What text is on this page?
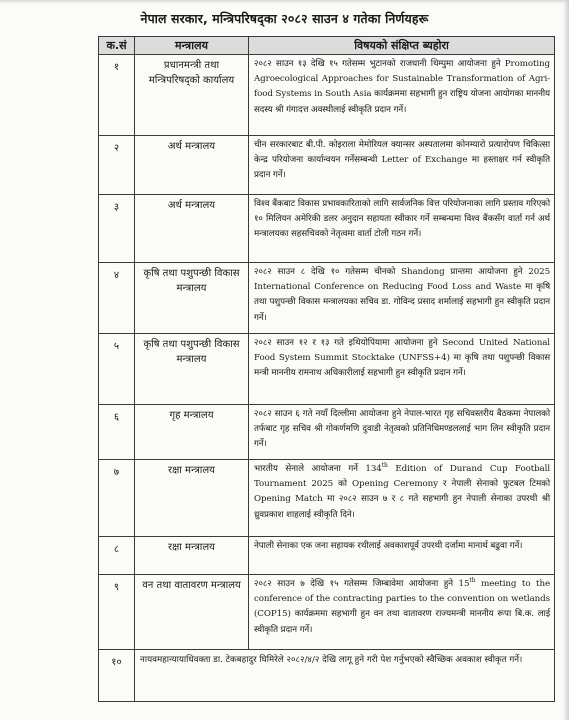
नेपाल सरकार, मन्त्रिपरिषद्का २०८२ साउन ४ गतेका निर्णयहरू
क.सं	मन्त्रालय	विषयको संक्षिप्त ब्यहोरा
१	प्रधानमन्त्री तथा मन्त्रिपरिषद्‌को कार्यालय	२०८२ साउन १३ देखि १५ गतेसम्म भुटानको राजधानी थिम्पुमा आयोजना हुने Promoting Agroecological Approaches for Sustainable Transformation of Agri-food Systems in South Asia कार्यक्रममा सहभागी हुन राष्ट्रिय योजना आयोगका माननीय सदस्य श्री गंगादत्त अवस्थीलाई स्वीकृति प्रदान गर्ने।
२	अर्थ मन्त्रालय	चीन सरकारबाट बी.पी. कोइराला मेमोरियल क्यान्सर अस्पतालमा कोनम्यारो प्रत्यारोपण चिकित्सा केन्द्र परियोजना कार्यान्वयन गर्नेसम्बन्धी Letter of Exchange मा हस्ताक्षर गर्न स्वीकृति प्रदान गर्ने।
३	अर्थ मन्त्रालय	विश्व बैंकबाट विकास प्रभावकारिताको लागि सार्वजनिक वित्त परियोजनाका लागि प्रस्ताव गरिएको १० मिलियन अमेरिकी डलर अनुदान सहायता स्वीकार गर्ने सम्बन्धमा विश्व बैंकसँग वार्ता गर्न अर्थ मन्त्रालयका सहसचिवको नेतृत्वमा वार्ता टोली गठन गर्ने।
४	कृषि तथा पशुपन्छी विकास मन्त्रालय	२०८२ साउन ८ देखि १० गतेसम्म चीनको Shandong प्रान्तमा आयोजना हुने 2025 International Conference on Reducing Food Loss and Waste मा कृषि तथा पशुपन्छी विकास मन्त्रालयका सचिव डा. गोविन्द प्रसाद शर्मालाई सहभागी हुन स्वीकृति प्रदान गर्ने।
५	कृषि तथा पशुपन्छी विकास मन्त्रालय	२०८२ साउन १२ र १३ गते इथियोपियामा आयोजना हुने Second United National Food System Summit Stocktake (UNFSS+4) मा कृषि तथा पशुपन्छी विकास मन्त्री माननीय रामनाथ अधिकारीलाई सहभागी हुन स्वीकृति प्रदान गर्ने।
६	गृह मन्त्रालय	२०८२ साउन ६ गते नयाँ दिल्लीमा आयोजना हुने नेपाल-भारत गृह सचिवस्तरीय बैठकमा नेपालको तर्फबाट गृह सचिव श्री गोकर्णमणि दुवाडी नेतृत्वको प्रतिनिधिमण्डललाई भाग लिन स्वीकृति प्रदान गर्ने।
७	रक्षा मन्त्रालय	भारतीय सेनाले आयोजना गर्ने 134th Edition of Durand Cup Football Tournament 2025 को Opening Ceremony र नेपाली सेनाको फुटबल टिमको Opening Match मा २०८२ साउन ७ र ८ गते सहभागी हुन नेपाली सेनाका उपरथी श्री ध्रुवप्रकाश शाहलाई स्वीकृति दिने।
८	रक्षा मन्त्रालय	नेपाली सेनाका एक जना सहायक रथीलाई अवकाशपूर्व उपरथी दर्जामा मानार्थ बढुवा गर्ने।
९	वन तथा वातावरण मन्त्रालय	२०८२ साउन ७ देखि १५ गतेसम्म जिम्बावेमा आयोजना हुने 15th meeting to the conference of the contracting parties to the convention on wetlands (COP15) कार्यक्रममा सहभागी हुन वन तथा वातावरण राज्यमन्त्री माननीय रूपा बि.क. लाई स्वीकृति प्रदान गर्ने।
१०	नायवमहान्यायाधिवक्ता डा. टेकबहादुर घिमिरेले २०८२/४/२ देखि लागू हुने गरी पेश गर्नुभएको स्वैच्छिक अवकाश स्वीकृत गर्ने।	
